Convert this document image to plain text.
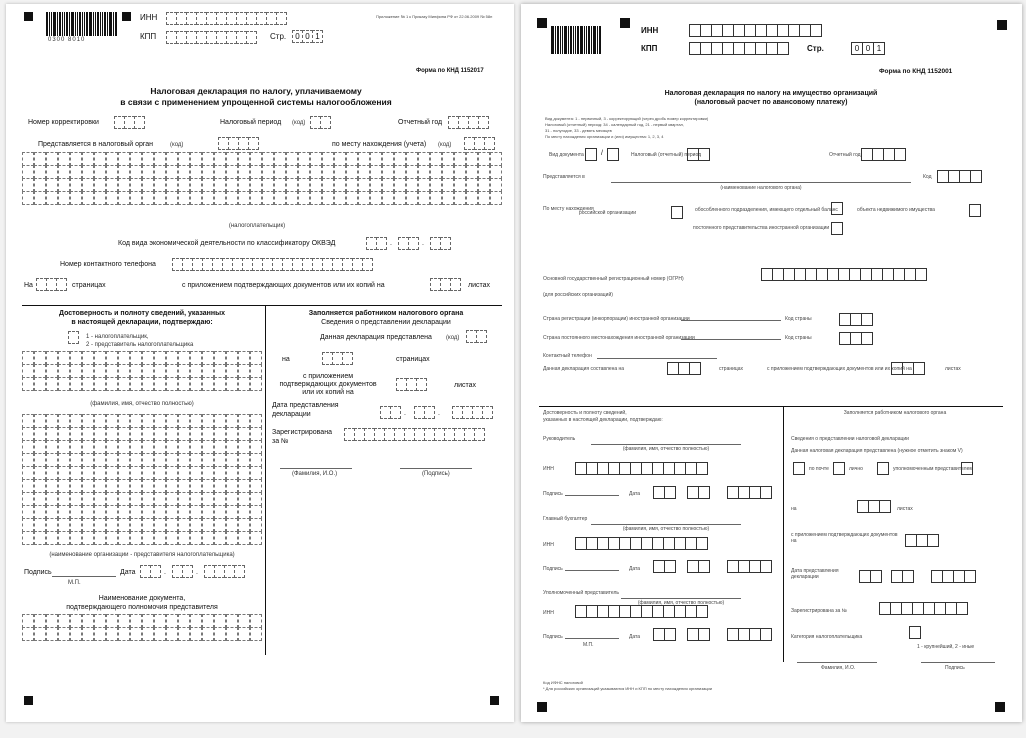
0300 8010
ИНН
КПП	Стр.	0 0 1
Приложение № 1 к Приказу Минфина РФ от 22.06.2009 № 58н
Форма по КНД 1152017
Налоговая декларация по налогу, уплачиваемому
в связи с применением упрощенной системы налогообложения
Номер корректировки	Налоговый период (код)	Отчетный год
Представляется в налоговый орган	(код)	по месту нахождения (учета) (код)
(налогоплательщик)
Код вида экономической деятельности по классификатору ОКВЭД	.	.
Номер контактного телефона
На	страницах	с приложением подтверждающих документов или их копий на	листах
Достоверность и полноту сведений, указанных
в настоящей декларации, подтверждаю:
1 - налогоплательщик,
2 - представитель налогоплательщика
(фамилия, имя, отчество полностью)
(наименование организации - представителя налогоплательщика)
Подпись	Дата	.	.
М.П.
Наименование документа,
подтверждающего полномочия представителя
Заполняется работником налогового органа
Сведения о представлении декларации
Данная декларация представлена (код)
на	страницах
с приложением
подтверждающих документов
или их копий на
листах
Дата представления
декларации	.	.
Зарегистрирована
за №
(Фамилия, И.О.)	(Подпись)
ИНН
КПП	Стр.	0 0 1
Форма по КНД 1152001
Налоговая декларация по налогу на имущество организаций
(налоговый расчет по авансовому платежу)
Вид документа: 1 - первичный, 3 - корректирующий (через дробь номер корректировки)
Налоговый (отчетный) период: 34 - календарный год, 21 - первый квартал,
31 - полугодие, 33 - девять месяцев
По месту нахождения организации и (или) имущества: 1, 2, 3, 4
Вид документа /	Налоговый (отчетный) период	Отчетный год
Представляется в
(наименование налогового органа)
Код
По месту нахождения
российской организации	обособленного подразделения, имеющего отдельный баланс	объекта недвижимого имущества
постоянного представительства иностранной организации
Основной государственный регистрационный номер (ОГРН)
(для российских организаций)
Страна регистрации (инкорпорации) иностранной организации	Код страны
Страна постоянного местонахождения иностранной организации	Код страны
Контактный телефон
Данная декларация составлена на	страницах	с приложением подтверждающих документов или их копий на	листах
Достоверность и полноту сведений,
указанных в настоящей декларации, подтверждаю:
Руководитель
(фамилия, имя, отчество полностью)
ИНН
Подпись	Дата
Главный бухгалтер
(фамилия, имя, отчество полностью)
ИНН
Подпись	Дата
Уполномоченный представитель
(фамилия, имя, отчество полностью)
ИНН
Подпись
М.П.
Дата
Заполняется работником налогового органа
Сведения о представлении налоговой декларации
Данная налоговая декларация представлена (нужное отметить знаком V)
по почте	лично	уполномоченным представителем
на	листах
с приложением подтверждающих документов на
Дата представления декларации
Зарегистрирована за №
Категория налогоплательщика
1 - крупнейший, 2 - иные
Фамилия, И.О.	Подпись
Код ИФНС налоговой
* Для российских организаций указываются ИНН и КПП по месту нахождения организации
